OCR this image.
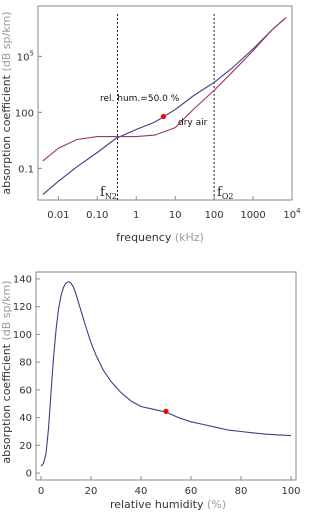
0.01 0.10 1	10 100 1000 $10^4$
0.1
100
$10^5$
rel. hum.=50.0 %
dry air
$f_{N2}$	$f_{O2}$
frequency (kHz)
absorption coefficient (dB sp/km)
0	20	40	60	80	100
0
20
40
60
80
100
120
140
relative humidity (%)
absorption coefficient (dB sp/km)
